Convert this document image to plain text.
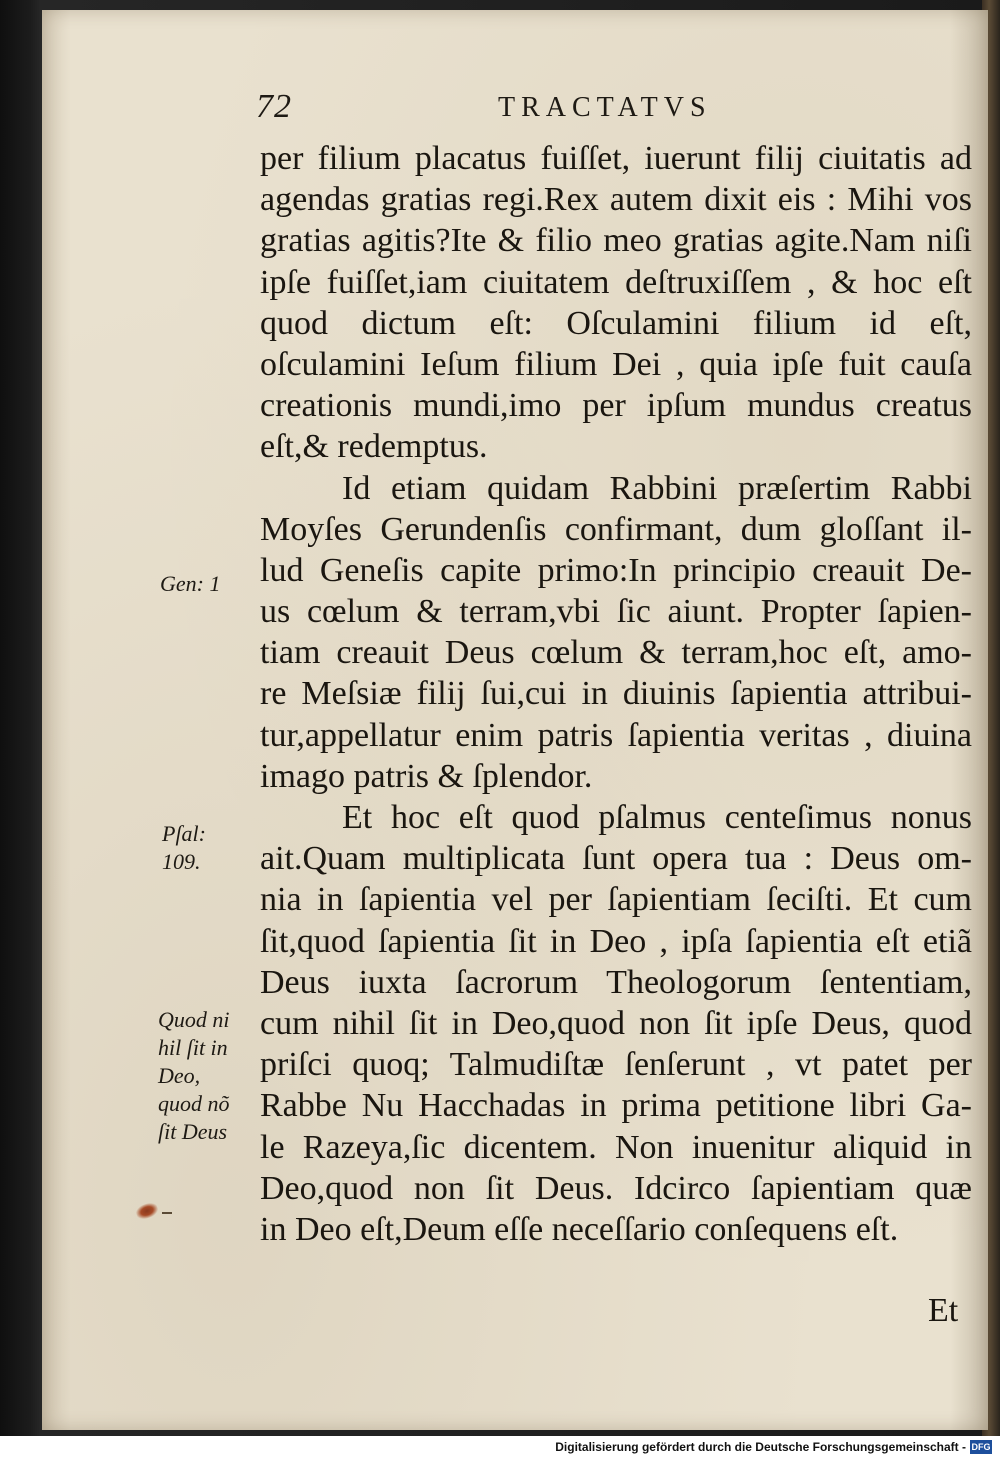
72	TRACTATVS
per filium placatus fuiſſet, iuerunt filij ciuitatis ad
agendas gratias regi.Rex autem dixit eis : Mihi vos
gratias agitis?Ite & filio meo gratias agite.Nam niſi
ipſe fuiſſet,iam ciuitatem deſtruxiſſem , & hoc eſt
quod dictum eſt: Oſculamini filium id eſt,
oſculamini Ieſum filium Dei , quia ipſe fuit cauſa
creationis mundi,imo per ipſum mundus creatus
eſt,& redemptus.
Id etiam quidam Rabbini præſertim Rabbi
Moyſes Gerundenſis confirmant, dum gloſſant il-
lud Geneſis capite primo:In principio creauit De-
us cœlum & terram,vbi ſic aiunt. Propter ſapien-
tiam creauit Deus cœlum & terram,hoc eſt, amo-
re Meſsiæ filij ſui,cui in diuinis ſapientia attribui-
tur,appellatur enim patris ſapientia veritas , diuina
imago patris & ſplendor.
Et hoc eſt quod pſalmus centeſimus nonus
ait.Quam multiplicata ſunt opera tua : Deus om-
nia in ſapientia vel per ſapientiam ſeciſti. Et cum
ſit,quod ſapientia ſit in Deo , ipſa ſapientia eſt etiã
Deus iuxta ſacrorum Theologorum ſententiam,
cum nihil ſit in Deo,quod non ſit ipſe Deus, quod
priſci quoq; Talmudiſtæ ſenſerunt , vt patet per
Rabbe Nu Hacchadas in prima petitione libri Ga-
le Razeya,ſic dicentem. Non inuenitur aliquid in
Deo,quod non ſit Deus. Idcirco ſapientiam quæ
in Deo eſt,Deum eſſe neceſſario conſequens eſt.
Et
Gen: 1
Pſal:
109.
Quod ni
hil ſit in
Deo,
quod nõ
ſit Deus
Digitalisierung gefördert durch die Deutsche Forschungsgemeinschaft - DFG
